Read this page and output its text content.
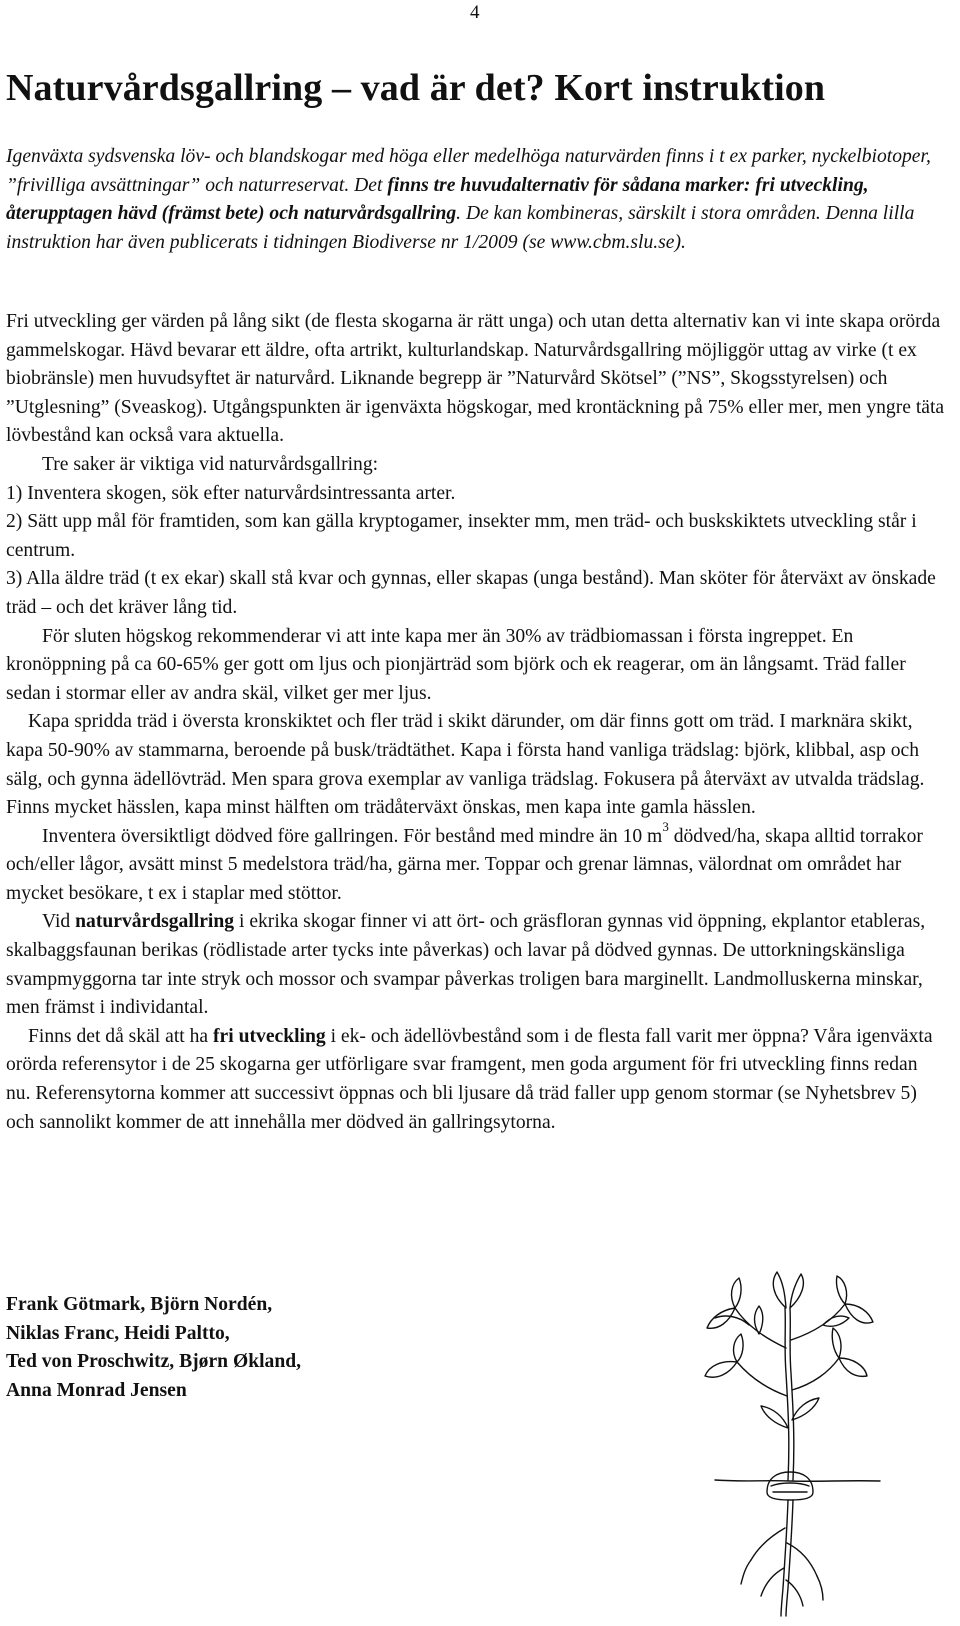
4
Naturvårdsgallring – vad är det? Kort instruktion
Igenväxta sydsvenska löv- och blandskogar med höga eller medelhöga naturvärden finns i t ex parker, nyckelbiotoper, ”frivilliga avsättningar” och naturreservat. Det finns tre huvudalternativ för sådana marker: fri utveckling, återupptagen hävd (främst bete) och naturvårdsgallring. De kan kombineras, särskilt i stora områden. Denna lilla instruktion har även publicerats i tidningen Biodiverse nr 1/2009 (se www.cbm.slu.se).

Fri utveckling ger värden på lång sikt (de flesta skogarna är rätt unga) och utan detta alternativ kan vi inte skapa orörda gammelskogar. Hävd bevarar ett äldre, ofta artrikt, kulturlandskap. Naturvårdsgallring möjliggör uttag av virke (t ex biobränsle) men huvudsyftet är naturvård. Liknande begrepp är ”Naturvård Skötsel” (”NS”, Skogsstyrelsen) och ”Utglesning” (Sveaskog). Utgångspunkten är igenväxta högskogar, med krontäckning på 75% eller mer, men yngre täta lövbestånd kan också vara aktuella.

Tre saker är viktiga vid naturvårdsgallring:

1) Inventera skogen, sök efter naturvårdsintressanta arter.

2) Sätt upp mål för framtiden, som kan gälla kryptogamer, insekter mm, men träd- och buskskiktets utveckling står i centrum.

3) Alla äldre träd (t ex ekar) skall stå kvar och gynnas, eller skapas (unga bestånd). Man sköter för återväxt av önskade träd – och det kräver lång tid.

För sluten högskog rekommenderar vi att inte kapa mer än 30% av trädbiomassan i första ingreppet. En kronöppning på ca 60-65% ger gott om ljus och pionjärträd som björk och ek reagerar, om än långsamt. Träd faller sedan i stormar eller av andra skäl, vilket ger mer ljus.

Kapa spridda träd i översta kronskiktet och fler träd i skikt därunder, om där finns gott om träd. I marknära skikt, kapa 50-90% av stammarna, beroende på busk/trädtäthet. Kapa i första hand vanliga trädslag: björk, klibbal, asp och sälg, och gynna ädellövträd. Men spara grova exemplar av vanliga trädslag. Fokusera på återväxt av utvalda trädslag. Finns mycket hässlen, kapa minst hälften om trädåterväxt önskas, men kapa inte gamla hässlen.

Inventera översiktligt dödved före gallringen. För bestånd med mindre än 10 $m^3$ dödved/ha, skapa alltid torrakor och/eller lågor, avsätt minst 5 medelstora träd/ha, gärna mer. Toppar och grenar lämnas, välordnat om området har mycket besökare, t ex i staplar med stöttor.

Vid naturvårdsgallring i ekrika skogar finner vi att ört- och gräsfloran gynnas vid öppning, ekplantor etableras, skalbaggsfaunan berikas (rödlistade arter tycks inte påverkas) och lavar på dödved gynnas. De uttorkningskänsliga svampmyggorna tar inte stryk och mossor och svampar påverkas troligen bara marginellt. Landmolluskerna minskar, men främst i individantal.

Finns det då skäl att ha fri utveckling i ek- och ädellövbestånd som i de flesta fall varit mer öppna? Våra igenväxta orörda referensytor i de 25 skogarna ger utförligare svar framgent, men goda argument för fri utveckling finns redan nu. Referensytorna kommer att successivt öppnas och bli ljusare då träd faller upp genom stormar (se Nyhetsbrev 5) och sannolikt kommer de att innehålla mer dödved än gallringsytorna.

Frank Götmark, Björn Nordén,
Niklas Franc, Heidi Paltto,
Ted von Proschwitz, Bjørn Økland,
Anna Monrad Jensen
